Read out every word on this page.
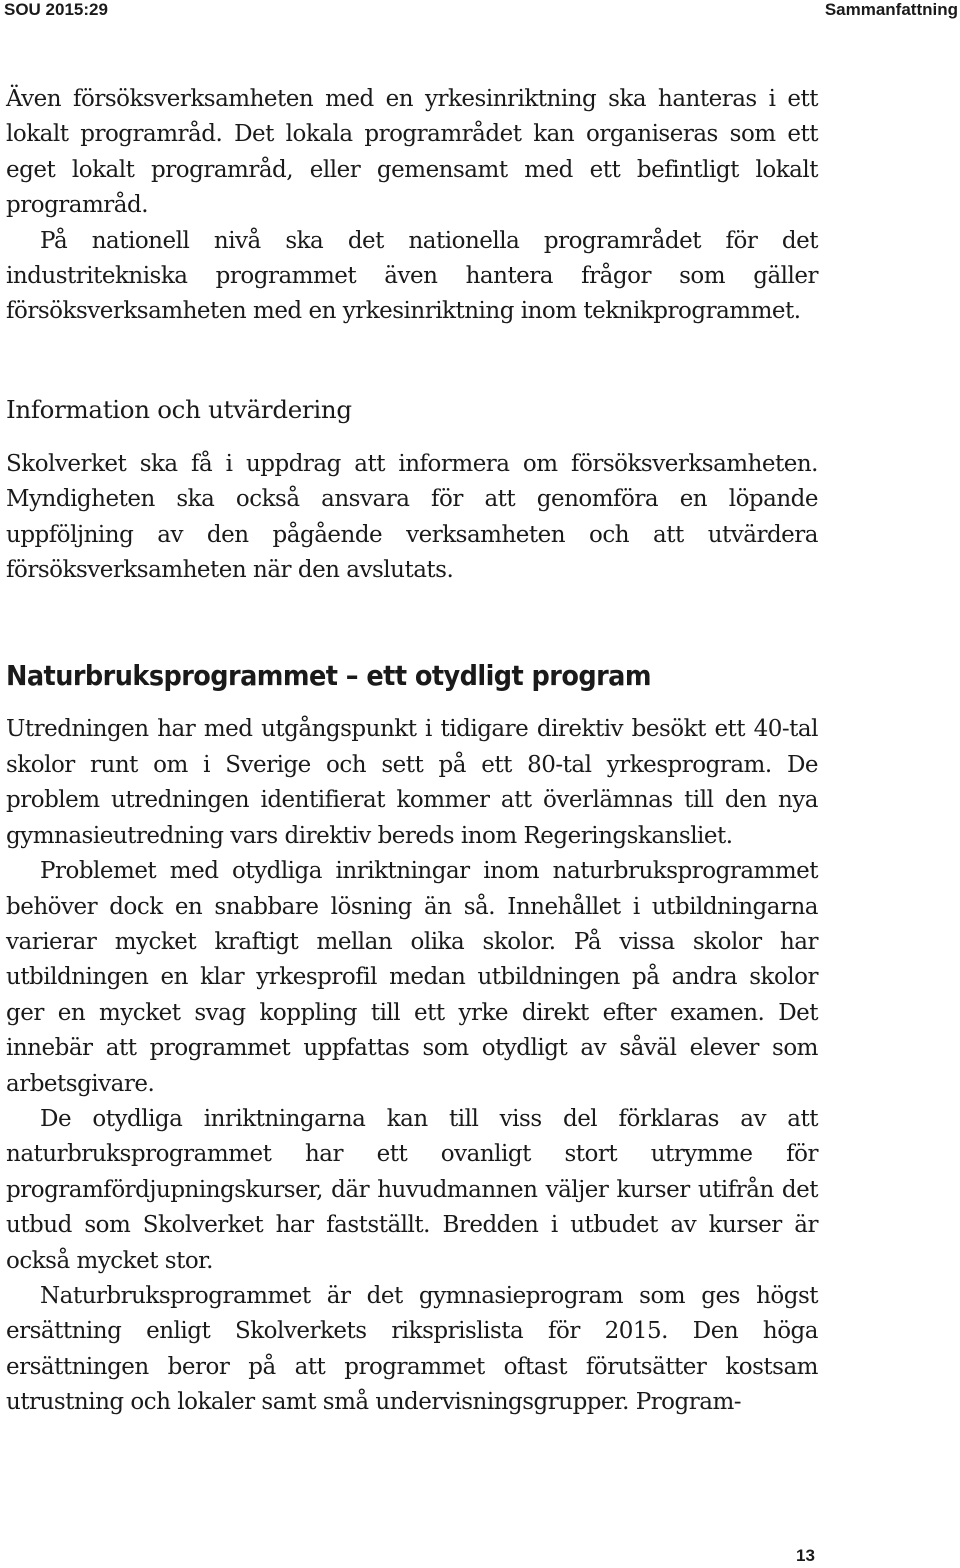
SOU 2015:29	Sammanfattning

Även försöksverksamheten med en yrkesinriktning ska hanteras i ett lokalt programråd. Det lokala programrådet kan organiseras som ett eget lokalt programråd, eller gemensamt med ett befintligt lokalt programråd.

På nationell nivå ska det nationella programrådet för det industritekniska programmet även hantera frågor som gäller försöksverksamheten med en yrkesinriktning inom teknikprogrammet.

Information och utvärdering

Skolverket ska få i uppdrag att informera om försöksverksamheten. Myndigheten ska också ansvara för att genomföra en löpande uppföljning av den pågående verksamheten och att utvärdera försöksverksamheten när den avslutats.

Naturbruksprogrammet – ett otydligt program

Utredningen har med utgångspunkt i tidigare direktiv besökt ett 40-tal skolor runt om i Sverige och sett på ett 80-tal yrkesprogram. De problem utredningen identifierat kommer att överlämnas till den nya gymnasieutredning vars direktiv bereds inom Regeringskansliet.

Problemet med otydliga inriktningar inom naturbruksprogrammet behöver dock en snabbare lösning än så. Innehållet i utbildningarna varierar mycket kraftigt mellan olika skolor. På vissa skolor har utbildningen en klar yrkesprofil medan utbildningen på andra skolor ger en mycket svag koppling till ett yrke direkt efter examen. Det innebär att programmet uppfattas som otydligt av såväl elever som arbetsgivare.

De otydliga inriktningarna kan till viss del förklaras av att naturbruksprogrammet har ett ovanligt stort utrymme för programfördjupningskurser, där huvudmannen väljer kurser utifrån det utbud som Skolverket har fastställt. Bredden i utbudet av kurser är också mycket stor.

Naturbruksprogrammet är det gymnasieprogram som ges högst ersättning enligt Skolverkets riksprislista för 2015. Den höga ersättningen beror på att programmet oftast förutsätter kostsam utrustning och lokaler samt små undervisningsgrupper. Program-

13
